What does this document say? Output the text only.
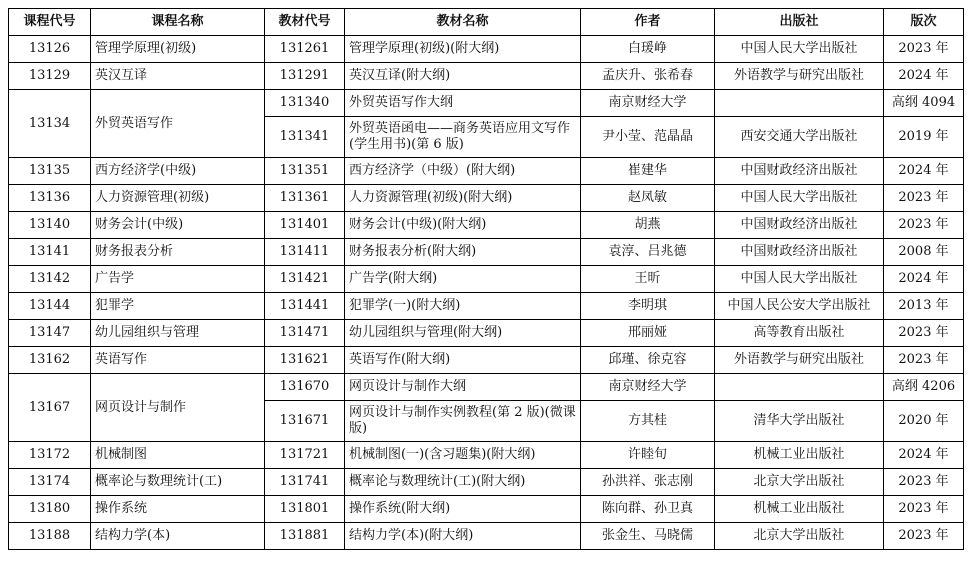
课程代号	课程名称	教材代号	教材名称	作者	出版社	版次
13126	管理学原理(初级)	131261	管理学原理(初级)(附大纲)	白瑗峥	中国人民大学出版社	2023 年
13129	英汉互译	131291	英汉互译(附大纲)	孟庆升、张希春	外语教学与研究出版社	2024 年
13134	外贸英语写作	131340	外贸英语写作大纲	南京财经大学		高纲 4094
		131341	外贸英语函电——商务英语应用文写作(学生用书)(第 6 版)	尹小莹、范晶晶	西安交通大学出版社	2019 年
13135	西方经济学(中级)	131351	西方经济学（中级）(附大纲)	崔建华	中国财政经济出版社	2024 年
13136	人力资源管理(初级)	131361	人力资源管理(初级)(附大纲)	赵凤敏	中国人民大学出版社	2023 年
13140	财务会计(中级)	131401	财务会计(中级)(附大纲)	胡燕	中国财政经济出版社	2023 年
13141	财务报表分析	131411	财务报表分析(附大纲)	袁淳、吕兆德	中国财政经济出版社	2008 年
13142	广告学	131421	广告学(附大纲)	王昕	中国人民大学出版社	2024 年
13144	犯罪学	131441	犯罪学(一)(附大纲)	李明琪	中国人民公安大学出版社	2013 年
13147	幼儿园组织与管理	131471	幼儿园组织与管理(附大纲)	邢丽娅	高等教育出版社	2023 年
13162	英语写作	131621	英语写作(附大纲)	邱瑾、徐克容	外语教学与研究出版社	2023 年
13167	网页设计与制作	131670	网页设计与制作大纲	南京财经大学		高纲 4206
		131671	网页设计与制作实例教程(第 2 版)(微课版)	方其桂	清华大学出版社	2020 年
13172	机械制图	131721	机械制图(一)(含习题集)(附大纲)	许睦旬	机械工业出版社	2024 年
13174	概率论与数理统计(工)	131741	概率论与数理统计(工)(附大纲)	孙洪祥、张志刚	北京大学出版社	2023 年
13180	操作系统	131801	操作系统(附大纲)	陈向群、孙卫真	机械工业出版社	2023 年
13188	结构力学(本)	131881	结构力学(本)(附大纲)	张金生、马晓儒	北京大学出版社	2023 年
